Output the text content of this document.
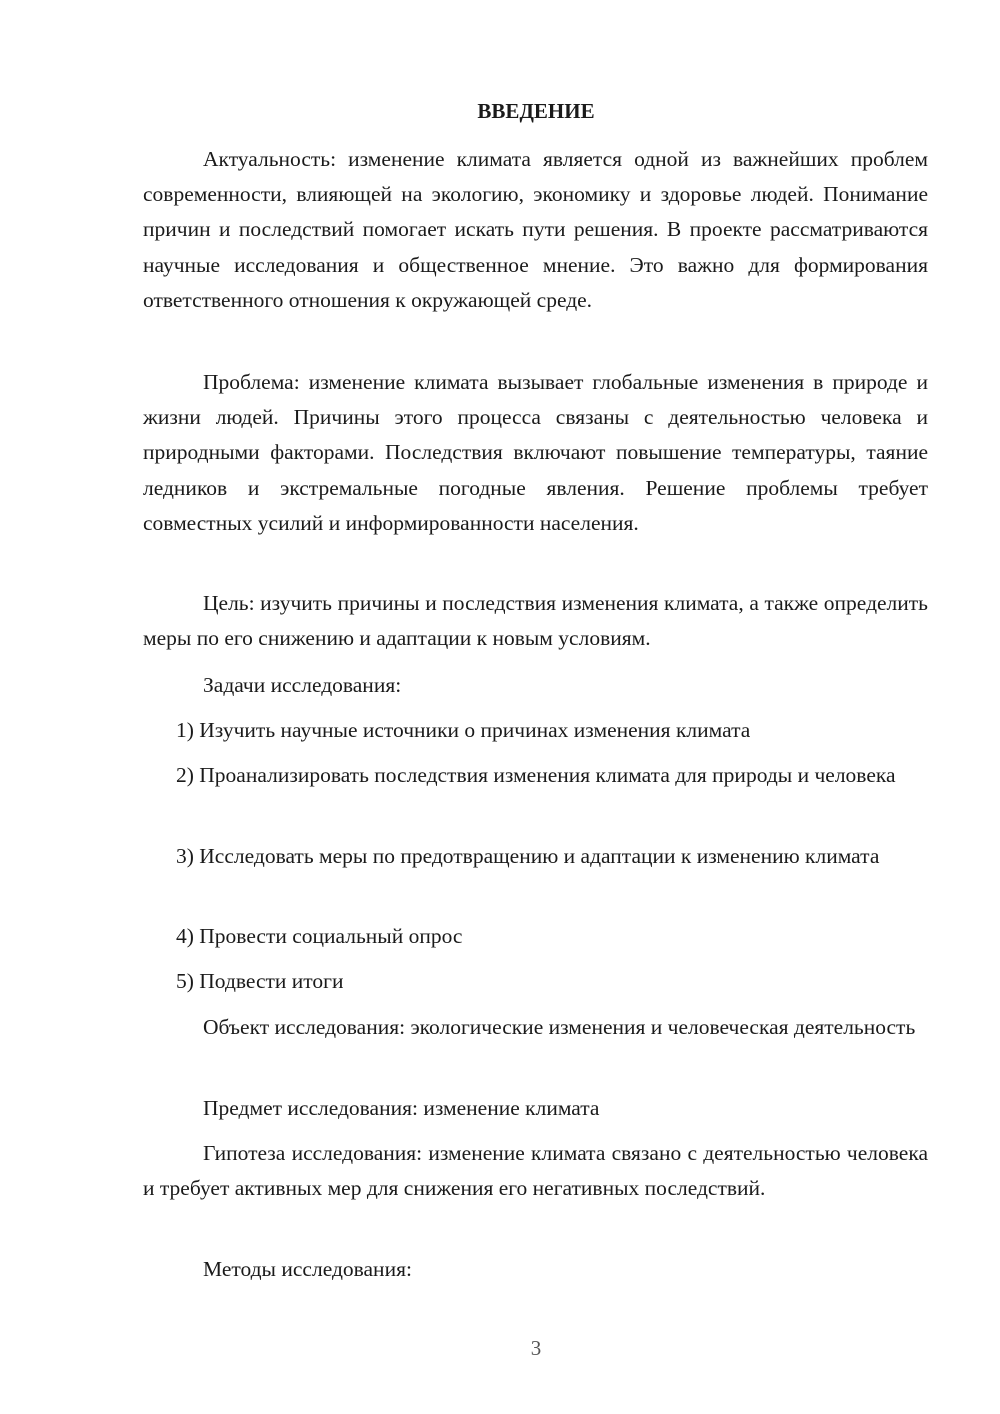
ВВЕДЕНИЕ

Актуальность: изменение климата является одной из важнейших проблем современности, влияющей на экологию, экономику и здоровье людей. Понимание причин и последствий помогает искать пути решения. В проекте рассматриваются научные исследования и общественное мнение. Это важно для формирования ответственного отношения к окружающей среде.

Проблема: изменение климата вызывает глобальные изменения в природе и жизни людей. Причины этого процесса связаны с деятельностью человека и природными факторами. Последствия включают повышение температуры, таяние ледников и экстремальные погодные явления. Решение проблемы требует совместных усилий и информированности населения.

Цель: изучить причины и последствия изменения климата, а также определить меры по его снижению и адаптации к новым условиям.

Задачи исследования:

1) Изучить научные источники о причинах изменения климата

2) Проанализировать последствия изменения климата для природы и человека

3) Исследовать меры по предотвращению и адаптации к изменению климата

4) Провести социальный опрос

5) Подвести итоги

Объект исследования: экологические изменения и человеческая деятельность

Предмет исследования: изменение климата

Гипотеза исследования: изменение климата связано с деятельностью человека и требует активных мер для снижения его негативных последствий.

Методы исследования:

3
